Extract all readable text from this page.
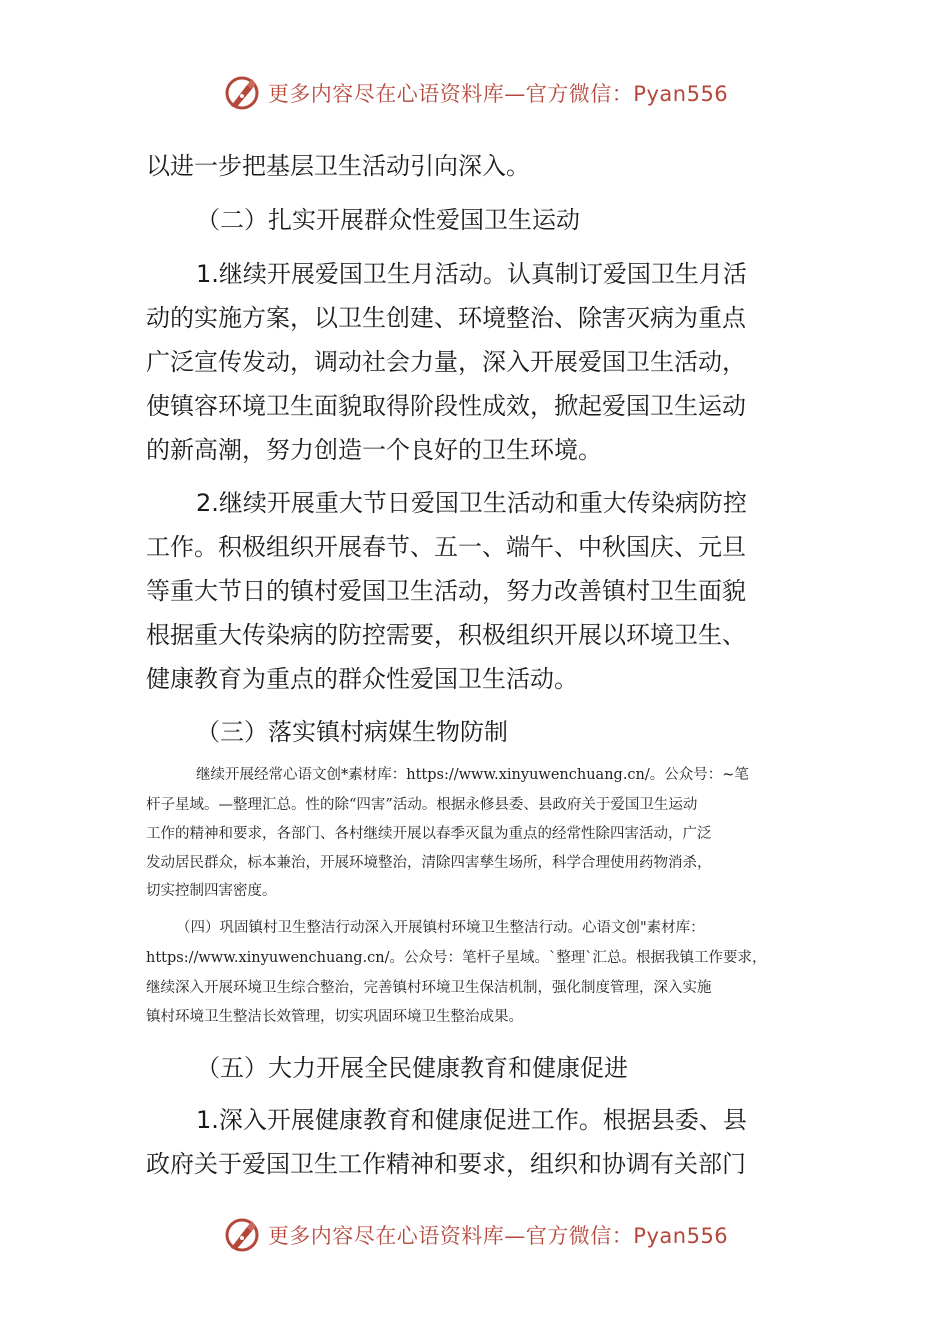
更多内容尽在心语资料库—官方微信：Pyan556
以进一步把基层卫生活动引向深入。
（二）扎实开展群众性爱国卫生运动
1.继续开展爱国卫生月活动。认真制订爱国卫生月活
动的实施方案，以卫生创建、环境整治、除害灭病为重点
广泛宣传发动，调动社会力量，深入开展爱国卫生活动，
使镇容环境卫生面貌取得阶段性成效，掀起爱国卫生运动
的新高潮，努力创造一个良好的卫生环境。
2.继续开展重大节日爱国卫生活动和重大传染病防控
工作。积极组织开展春节、五一、端午、中秋国庆、元旦
等重大节日的镇村爱国卫生活动，努力改善镇村卫生面貌
根据重大传染病的防控需要，积极组织开展以环境卫生、
健康教育为重点的群众性爱国卫生活动。
（三）落实镇村病媒生物防制
继续开展经常心语文创*素材库：https://www.xinyuwenchuang.cn/。公众号：~笔
杆子星域。—整理汇总。性的除“四害”活动。根据永修县委、县政府关于爱国卫生运动
工作的精神和要求，各部门、各村继续开展以春季灭鼠为重点的经常性除四害活动，广泛
发动居民群众，标本兼治，开展环境整治，清除四害孳生场所，科学合理使用药物消杀，
切实控制四害密度。
（四）巩固镇村卫生整洁行动深入开展镇村环境卫生整洁行动。心语文创"素材库：
https://www.xinyuwenchuang.cn/。公众号：笔杆子星域。`整理`汇总。根据我镇工作要求，
继续深入开展环境卫生综合整治，完善镇村环境卫生保洁机制，强化制度管理，深入实施
镇村环境卫生整洁长效管理，切实巩固环境卫生整治成果。
（五）大力开展全民健康教育和健康促进
1.深入开展健康教育和健康促进工作。根据县委、县
政府关于爱国卫生工作精神和要求，组织和协调有关部门
更多内容尽在心语资料库—官方微信：Pyan556
